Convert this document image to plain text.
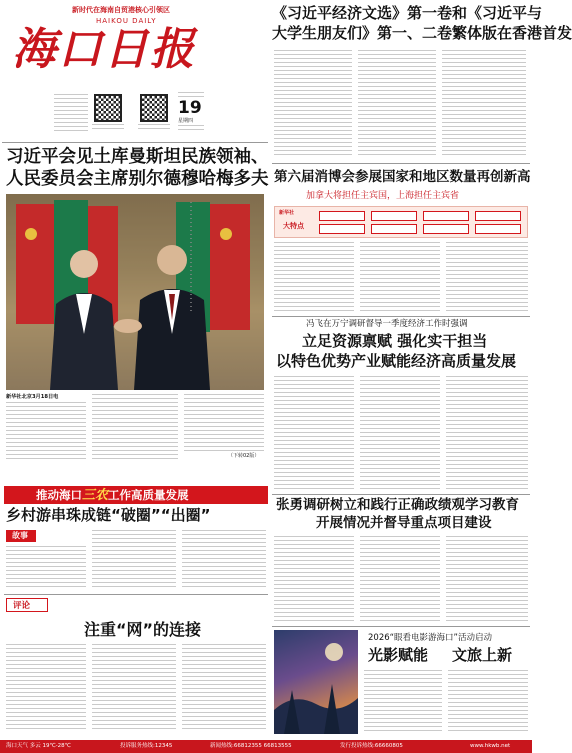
新时代在海南自贸港核心引领区
HAIKOU DAILY
海口日报
19
星期四
《习近平经济文选》第一卷和《习近平与
大学生朋友们》第一、二卷繁体版在香港首发
第六届消博会参展国家和地区数量再创新高
加拿大将担任主宾国，上海担任主宾省
新华社
大特点
习近平会见土库曼斯坦民族领袖、
人民委员会主席别尔德穆哈梅多夫
新华社北京3月18日电
（下转02版）
冯飞在万宁调研督导一季度经济工作时强调
立足资源禀赋 强化实干担当
以特色优势产业赋能经济高质量发展
推动海口三农工作高质量发展
乡村游串珠成链“破圈”“出圈”
故事
张勇调研树立和践行正确政绩观学习教育
开展情况并督导重点项目建设
评论
注重“网”的连接	2026“眼看电影游海口”活动启动
光影赋能 文旅上新
海口天气 多云 19℃-28℃	投诉服务热线:12345	新闻热线:66812355 66813555	发行投诉热线:66660805	www.hkwb.net
